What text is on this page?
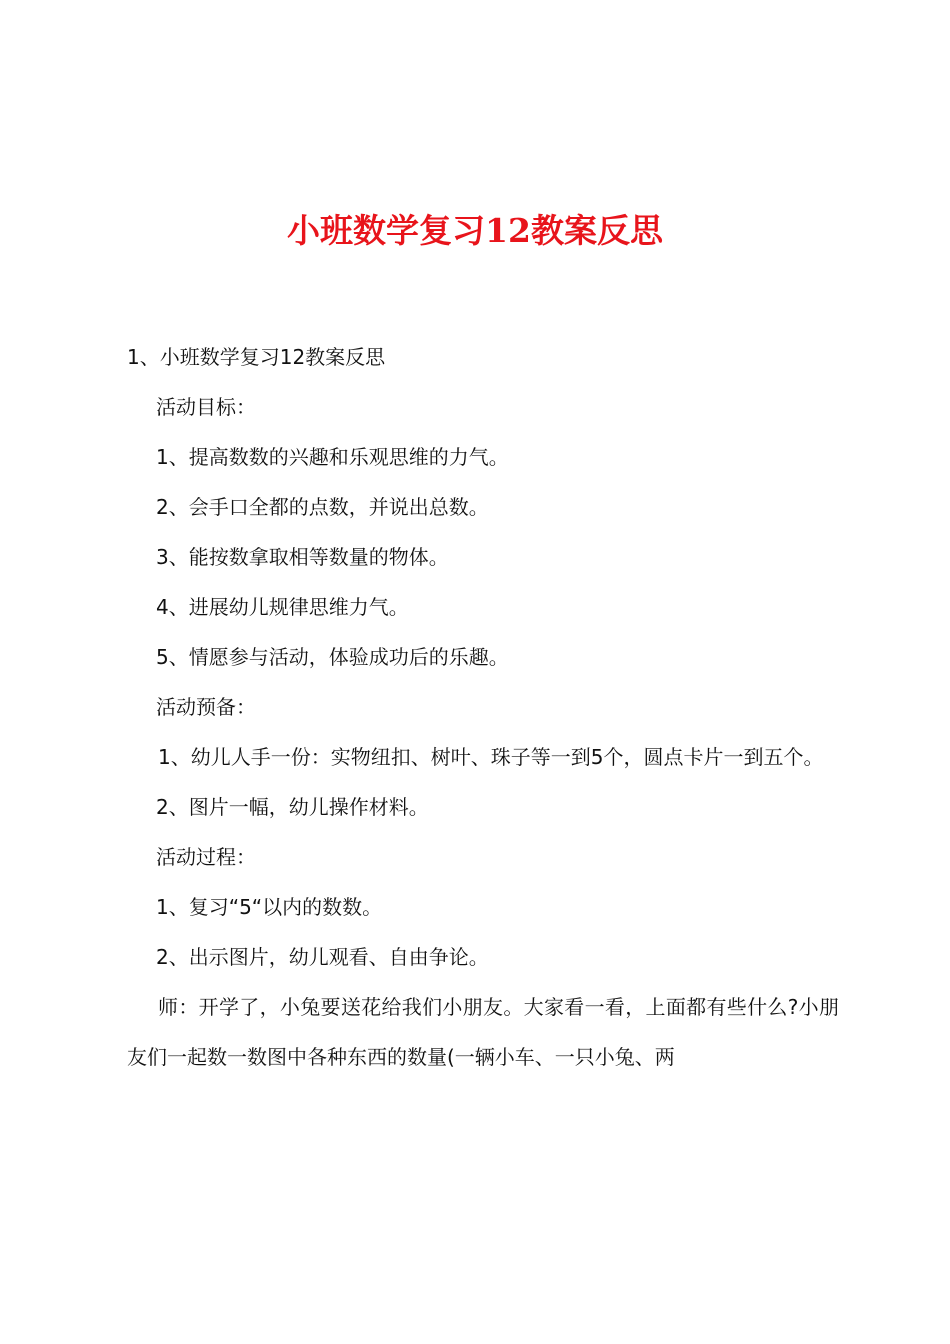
小班数学复习12教案反思

1、小班数学复习12教案反思

活动目标：

1、提高数数的兴趣和乐观思维的力气。

2、会手口全都的点数，并说出总数。

3、能按数拿取相等数量的物体。

4、进展幼儿规律思维力气。

5、情愿参与活动，体验成功后的乐趣。

活动预备：

1、幼儿人手一份：实物纽扣、树叶、珠子等一到5个，圆点卡片一到五个。

2、图片一幅，幼儿操作材料。

活动过程：

1、复习“5“以内的数数。

2、出示图片，幼儿观看、自由争论。

师：开学了，小兔要送花给我们小朋友。大家看一看，上面都有些什么?小朋友们一起数一数图中各种东西的数量(一辆小车、一只小兔、两
